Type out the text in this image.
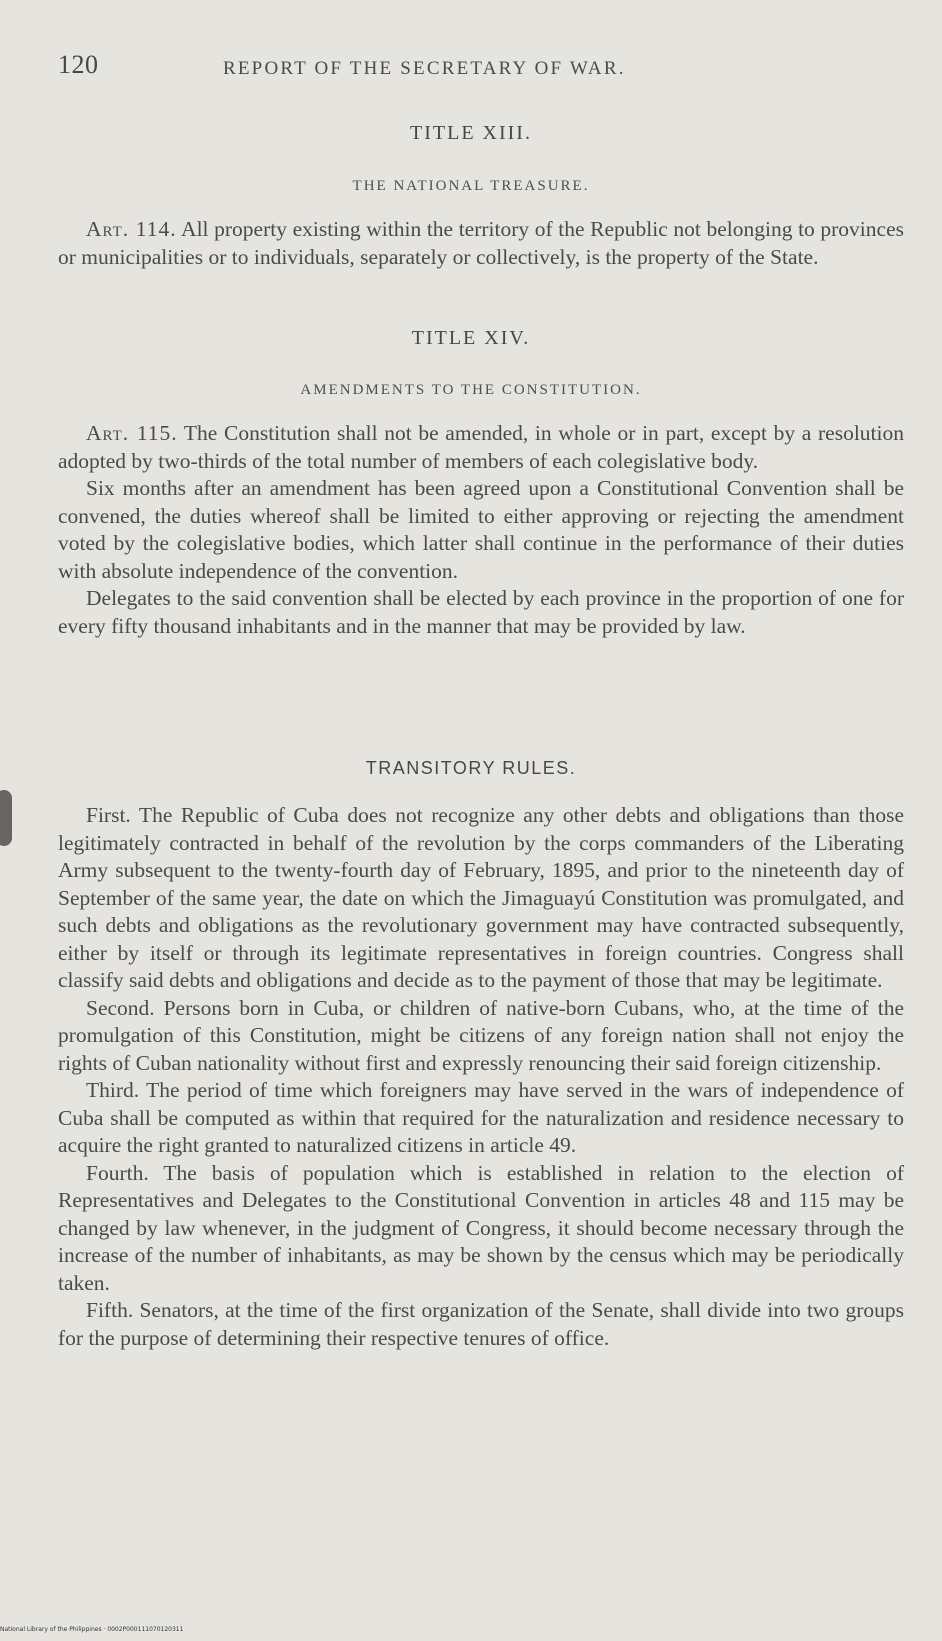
120	REPORT OF THE SECRETARY OF WAR.
TITLE XIII.
THE NATIONAL TREASURE.

Art. 114. All property existing within the territory of the Republic not belonging to provinces or municipalities or to individuals, separately or collectively, is the property of the State.

TITLE XIV.
AMENDMENTS TO THE CONSTITUTION.

Art. 115. The Constitution shall not be amended, in whole or in part, except by a resolution adopted by two-thirds of the total number of members of each colegislative body.

Six months after an amendment has been agreed upon a Constitutional Convention shall be convened, the duties whereof shall be limited to either approving or rejecting the amendment voted by the colegislative bodies, which latter shall continue in the performance of their duties with absolute independence of the convention.

Delegates to the said convention shall be elected by each province in the proportion of one for every fifty thousand inhabitants and in the manner that may be provided by law.

TRANSITORY RULES.

First. The Republic of Cuba does not recognize any other debts and obligations than those legitimately contracted in behalf of the revolution by the corps commanders of the Liberating Army subsequent to the twenty-fourth day of February, 1895, and prior to the nineteenth day of September of the same year, the date on which the Jimaguayú Constitution was promulgated, and such debts and obligations as the revolutionary government may have contracted subsequently, either by itself or through its legitimate representatives in foreign countries. Congress shall classify said debts and obligations and decide as to the payment of those that may be legitimate.

Second. Persons born in Cuba, or children of native-born Cubans, who, at the time of the promulgation of this Constitution, might be citizens of any foreign nation shall not enjoy the rights of Cuban nationality without first and expressly renouncing their said foreign citizenship.

Third. The period of time which foreigners may have served in the wars of independence of Cuba shall be computed as within that required for the naturalization and residence necessary to acquire the right granted to naturalized citizens in article 49.

Fourth. The basis of population which is established in relation to the election of Representatives and Delegates to the Constitutional Convention in articles 48 and 115 may be changed by law whenever, in the judgment of Congress, it should become necessary through the increase of the number of inhabitants, as may be shown by the census which may be periodically taken.

Fifth. Senators, at the time of the first organization of the Senate, shall divide into two groups for the purpose of determining their respective tenures of office.

National Library of the Philippines · 0002P000111070120311
